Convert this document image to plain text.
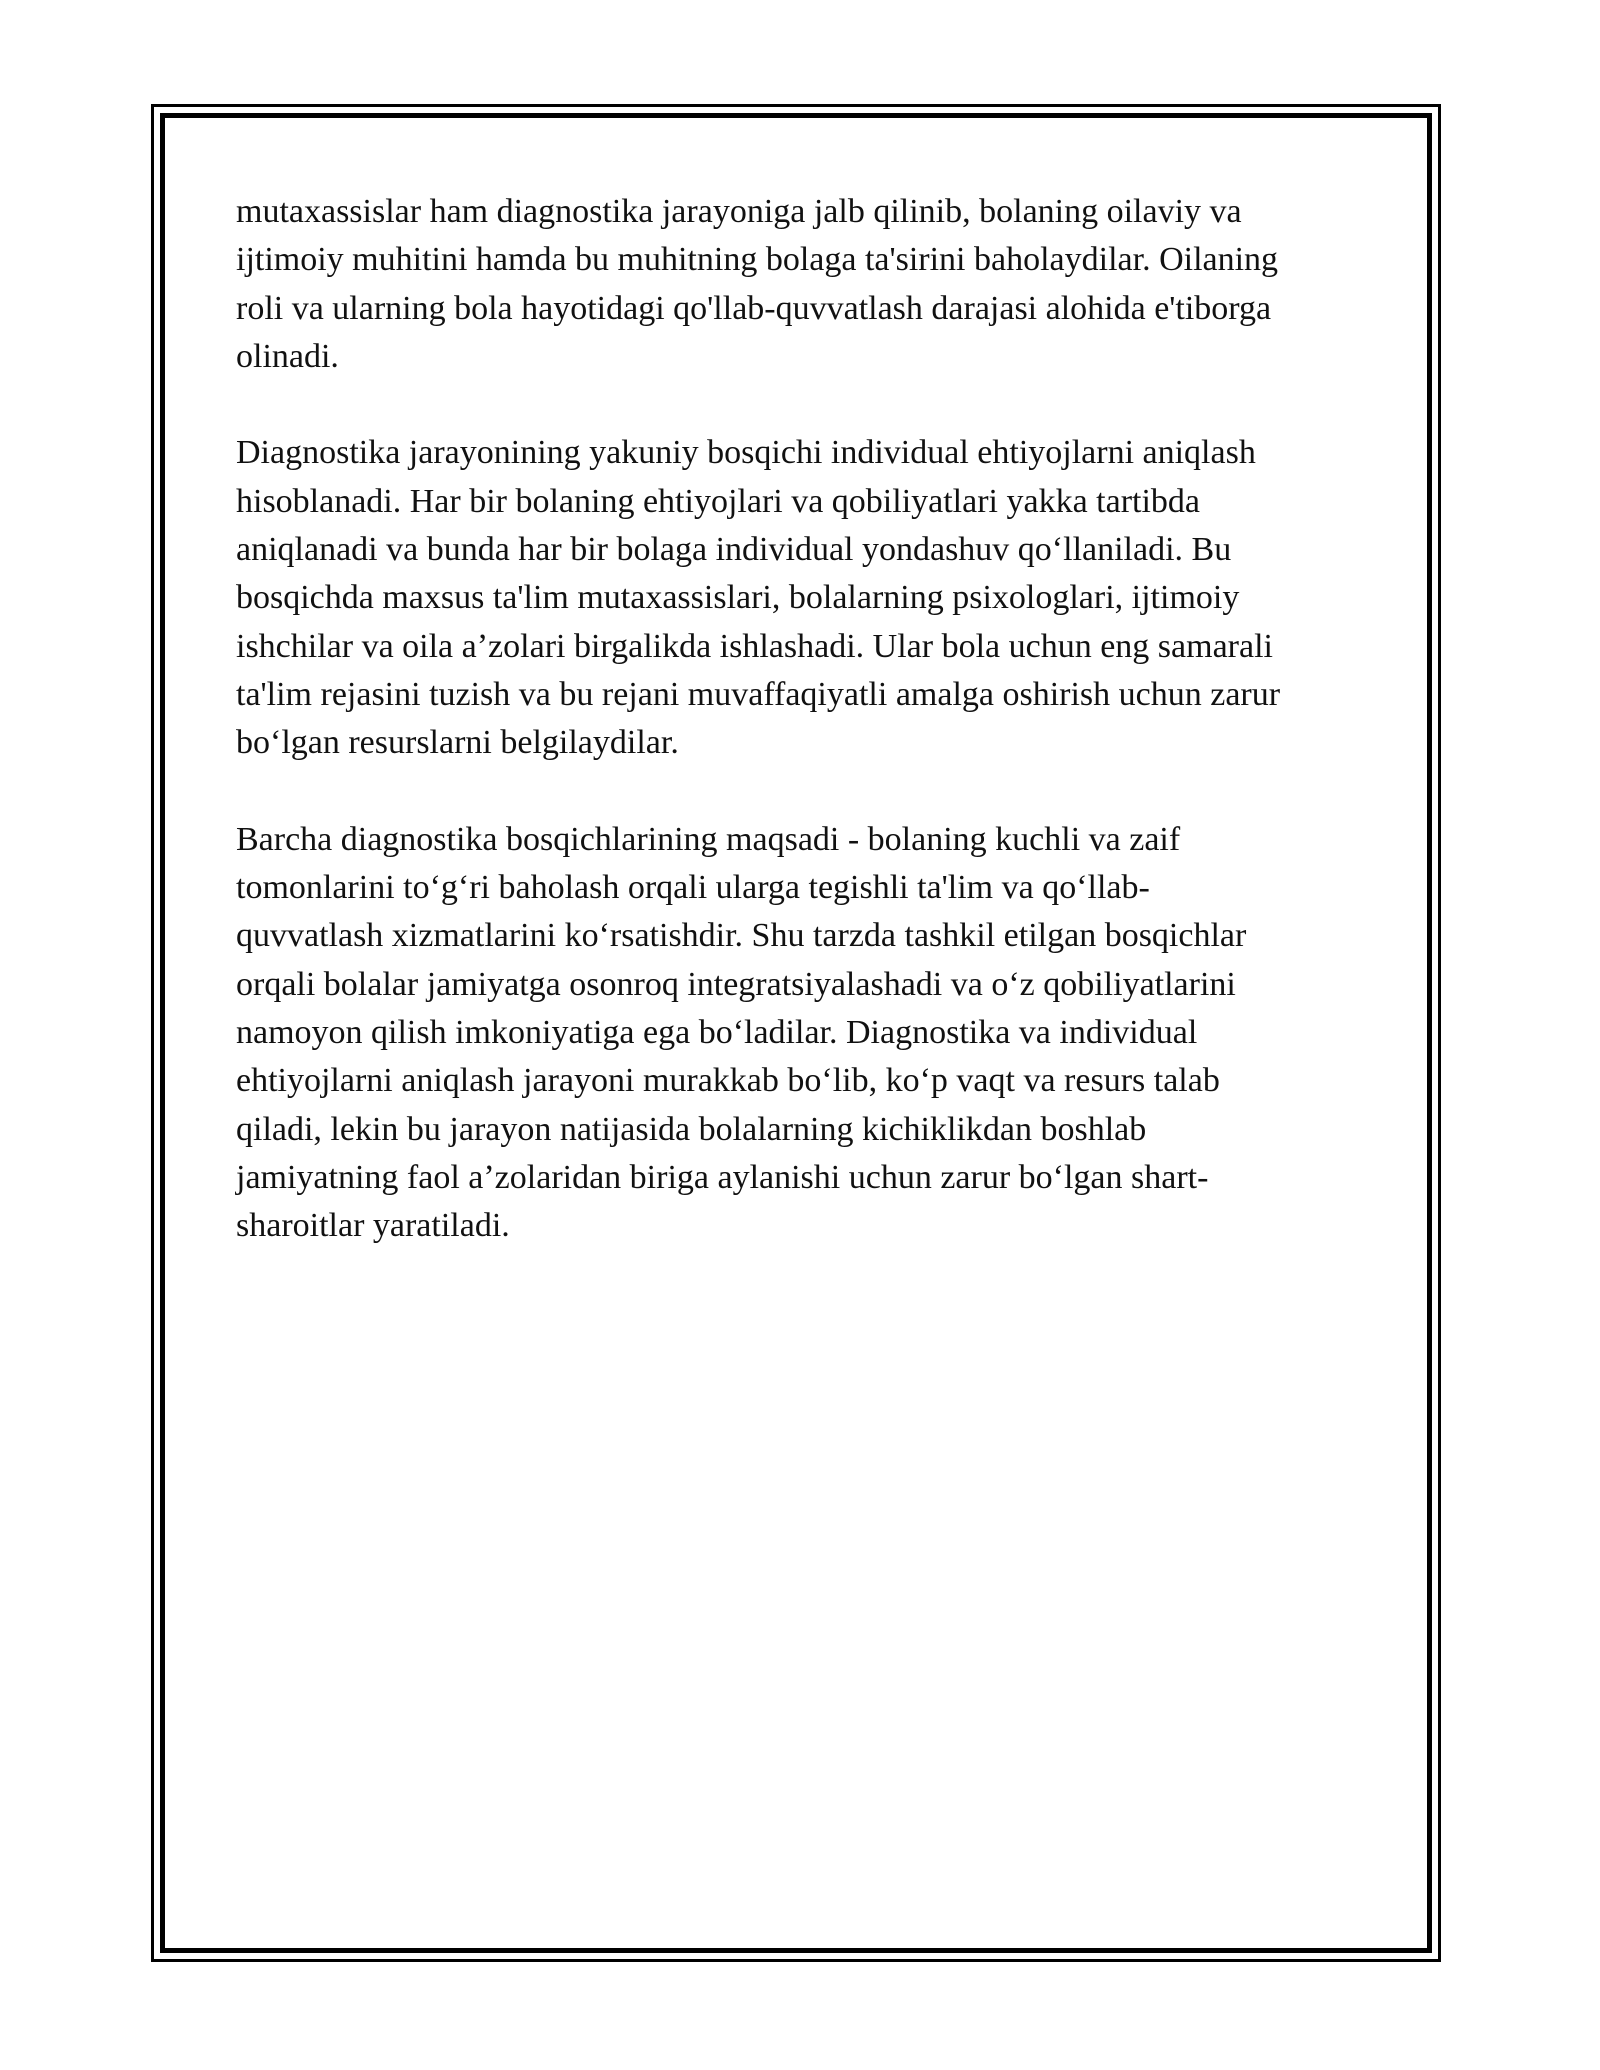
mutaxassislar ham diagnostika jarayoniga jalb qilinib, bolaning oilaviy va
ijtimoiy muhitini hamda bu muhitning bolaga ta'sirini baholaydilar. Oilaning
roli va ularning bola hayotidagi qo'llab-quvvatlash darajasi alohida e'tiborga
olinadi.

Diagnostika jarayonining yakuniy bosqichi individual ehtiyojlarni aniqlash
hisoblanadi. Har bir bolaning ehtiyojlari va qobiliyatlari yakka tartibda
aniqlanadi va bunda har bir bolaga individual yondashuv qoʻllaniladi. Bu
bosqichda maxsus ta'lim mutaxassislari, bolalarning psixologlari, ijtimoiy
ishchilar va oila aʼzolari birgalikda ishlashadi. Ular bola uchun eng samarali
ta'lim rejasini tuzish va bu rejani muvaffaqiyatli amalga oshirish uchun zarur
boʻlgan resurslarni belgilaydilar.

Barcha diagnostika bosqichlarining maqsadi - bolaning kuchli va zaif
tomonlarini toʻgʻri baholash orqali ularga tegishli ta'lim va qoʻllab-
quvvatlash xizmatlarini koʻrsatishdir. Shu tarzda tashkil etilgan bosqichlar
orqali bolalar jamiyatga osonroq integratsiyalashadi va oʻz qobiliyatlarini
namoyon qilish imkoniyatiga ega boʻladilar. Diagnostika va individual
ehtiyojlarni aniqlash jarayoni murakkab boʻlib, koʻp vaqt va resurs talab
qiladi, lekin bu jarayon natijasida bolalarning kichiklikdan boshlab
jamiyatning faol aʼzolaridan biriga aylanishi uchun zarur boʻlgan shart-
sharoitlar yaratiladi.
